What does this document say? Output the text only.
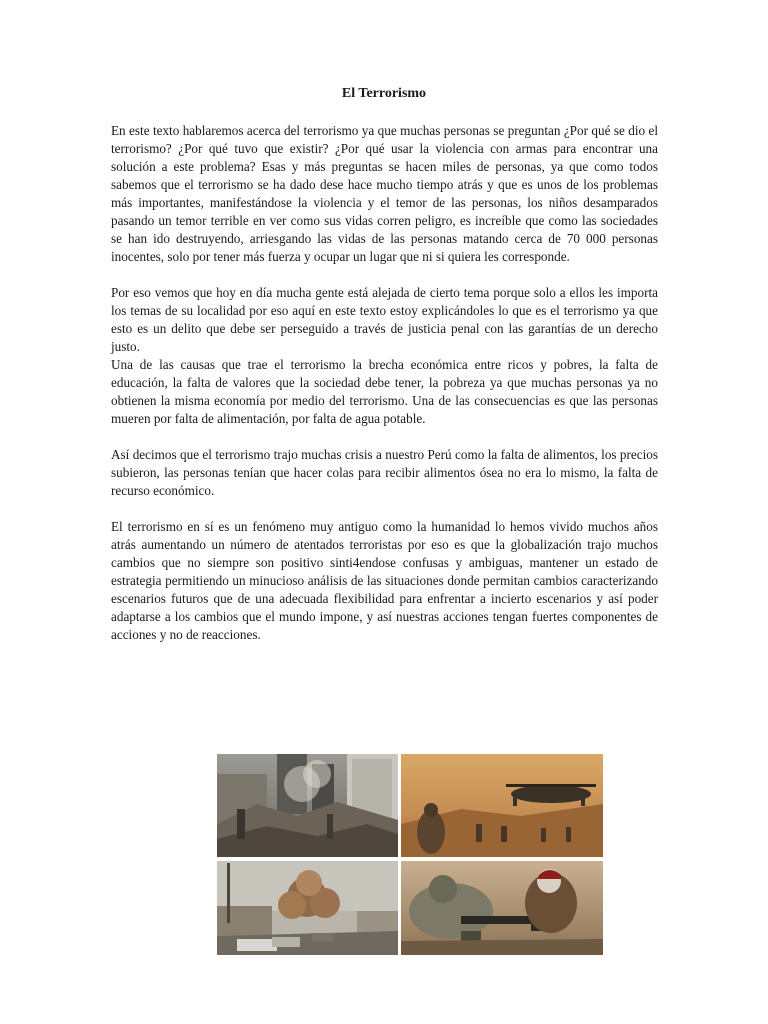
El Terrorismo

En este texto hablaremos acerca del terrorismo ya que muchas personas se preguntan ¿Por qué se dio el terrorismo? ¿Por qué tuvo que existir? ¿Por qué usar la violencia con armas para encontrar una solución a este problema? Esas y más preguntas se hacen miles de personas, ya que como todos sabemos que el terrorismo se ha dado dese hace mucho tiempo atrás y que es unos de los problemas más importantes, manifestándose la violencia y el temor de las personas, los niños desamparados pasando un temor terrible en ver como sus vidas corren peligro, es increíble que como las sociedades se han ido destruyendo, arriesgando las vidas de las personas matando cerca de 70 000 personas inocentes, solo por tener más fuerza y ocupar un lugar que ni si quiera les corresponde.

Por eso vemos que hoy en día mucha gente está alejada de cierto tema porque solo a ellos les importa los temas de su localidad por eso aquí en este texto estoy explicándoles lo que es el terrorismo ya que esto es un delito que debe ser perseguido a través de justicia penal con las garantías de un derecho justo.

Una de las causas que trae el terrorismo la brecha económica entre ricos y pobres, la falta de educación, la falta de valores que la sociedad debe tener, la pobreza ya que muchas personas ya no obtienen la misma economía por medio del terrorismo. Una de las consecuencias es que las personas mueren por falta de alimentación, por falta de agua potable.

Así decimos que el terrorismo trajo muchas crisis a nuestro Perú como la falta de alimentos, los precios subieron, las personas tenían que hacer colas para recibir alimentos ósea no era lo mismo, la falta de recurso económico.

El terrorismo en sí es un fenómeno muy antiguo como la humanidad lo hemos vivido muchos años atrás aumentando un número de atentados terroristas por eso es que la globalización trajo muchos cambios que no siempre son positivo sinti4endose confusas y ambiguas, mantener un estado de estrategia permitiendo un minucioso análisis de las situaciones donde permitan cambios caracterizando escenarios futuros que de una adecuada flexibilidad para enfrentar a incierto escenarios y así poder adaptarse a los cambios que el mundo impone, y así nuestras acciones tengan fuertes componentes de acciones y no de reacciones.
